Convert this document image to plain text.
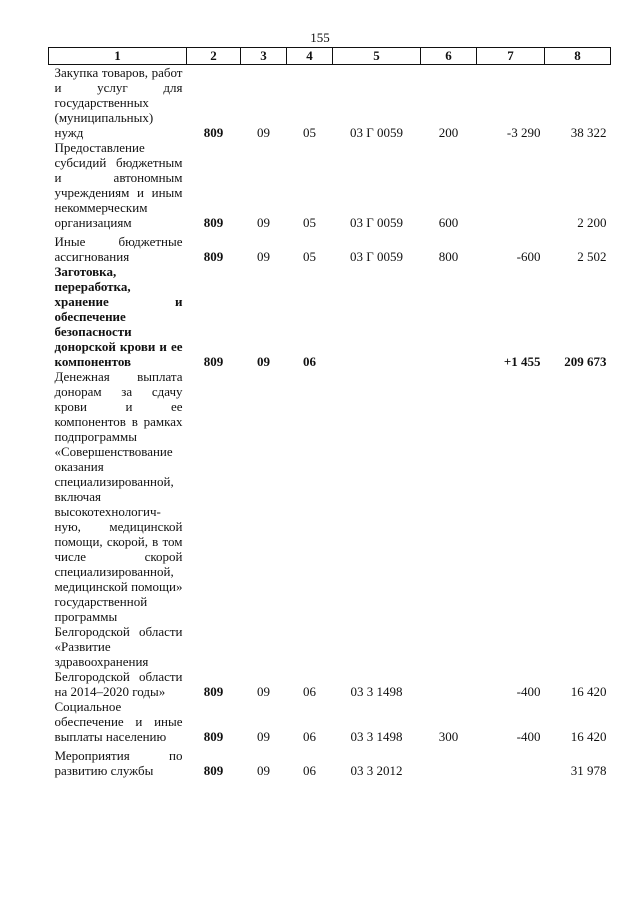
155
1	2	3	4	5	6	7	8
Закупка товаров, работ и услуг для государственных (муниципальных) нужд	809	09	05	03 Г 0059	200	-3 290	38 322
Предоставление субсидий бюджетным и автономным учреждениям и иным некоммерческим организациям	809	09	05	03 Г 0059	600		2 200
Иные бюджетные ассигнования	809	09	05	03 Г 0059	800	-600	2 502
Заготовка, переработка, хранение и обеспечение безопасности донорской крови и ее компонентов	809	09	06			+1 455	209 673
Денежная выплата донорам за сдачу крови и ее компонентов в рамках подпрограммы «Совершенствование оказания специализированной, включая высокотехнологич-ную, медицинской помощи, скорой, в том числе скорой специализированной, медицинской помощи» государственной программы Белгородской области «Развитие здравоохранения Белгородской области на 2014–2020 годы»	809	09	06	03 3 1498		-400	16 420
Социальное обеспечение и иные выплаты населению	809	09	06	03 3 1498	300	-400	16 420
Мероприятия по развитию службы	809	09	06	03 3 2012			31 978
